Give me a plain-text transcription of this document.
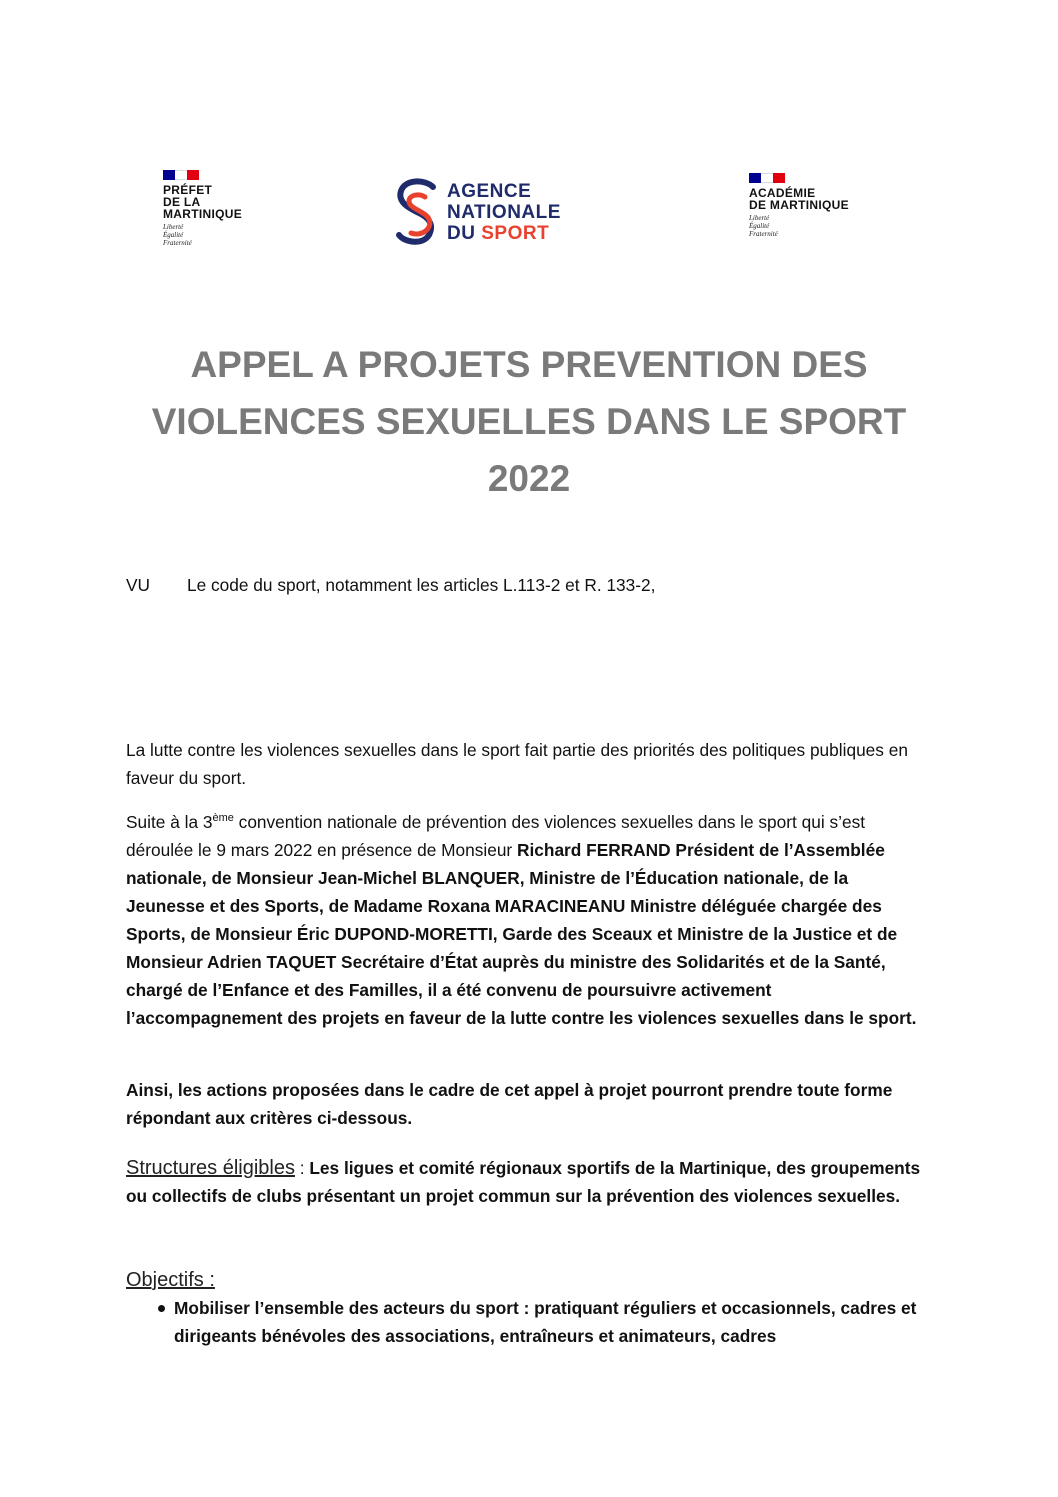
PRÉFET
DE LA
MARTINIQUE
Liberté
Égalité
Fraternité
AGENCE
NATIONALE
DU SPORT
ACADÉMIE
DE MARTINIQUE
Liberté
Égalité
Fraternité
APPEL A PROJETS PREVENTION DES
VIOLENCES SEXUELLES DANS LE SPORT
2022
VU Le code du sport, notamment les articles L.113-2 et R. 133-2,

La lutte contre les violences sexuelles dans le sport fait partie des priorités des politiques publiques en faveur du sport.

Suite à la 3ème convention nationale de prévention des violences sexuelles dans le sport qui s’est déroulée le 9 mars 2022 en présence de Monsieur Richard FERRAND Président de l’Assemblée nationale, de Monsieur Jean-Michel BLANQUER, Ministre de l’Éducation nationale, de la Jeunesse et des Sports, de Madame Roxana MARACINEANU Ministre déléguée chargée des Sports, de Monsieur Éric DUPOND-MORETTI, Garde des Sceaux et Ministre de la Justice et de Monsieur Adrien TAQUET Secrétaire d’État auprès du ministre des Solidarités et de la Santé, chargé de l’Enfance et des Familles, il a été convenu de poursuivre activement l’accompagnement des projets en faveur de la lutte contre les violences sexuelles dans le sport.

Ainsi, les actions proposées dans le cadre de cet appel à projet pourront prendre toute forme répondant aux critères ci-dessous.

Structures éligibles : Les ligues et comité régionaux sportifs de la Martinique, des groupements ou collectifs de clubs présentant un projet commun sur la prévention des violences sexuelles.

Objectifs :
Mobiliser l’ensemble des acteurs du sport : pratiquant réguliers et occasionnels, cadres et dirigeants bénévoles des associations, entraîneurs et animateurs, cadres
